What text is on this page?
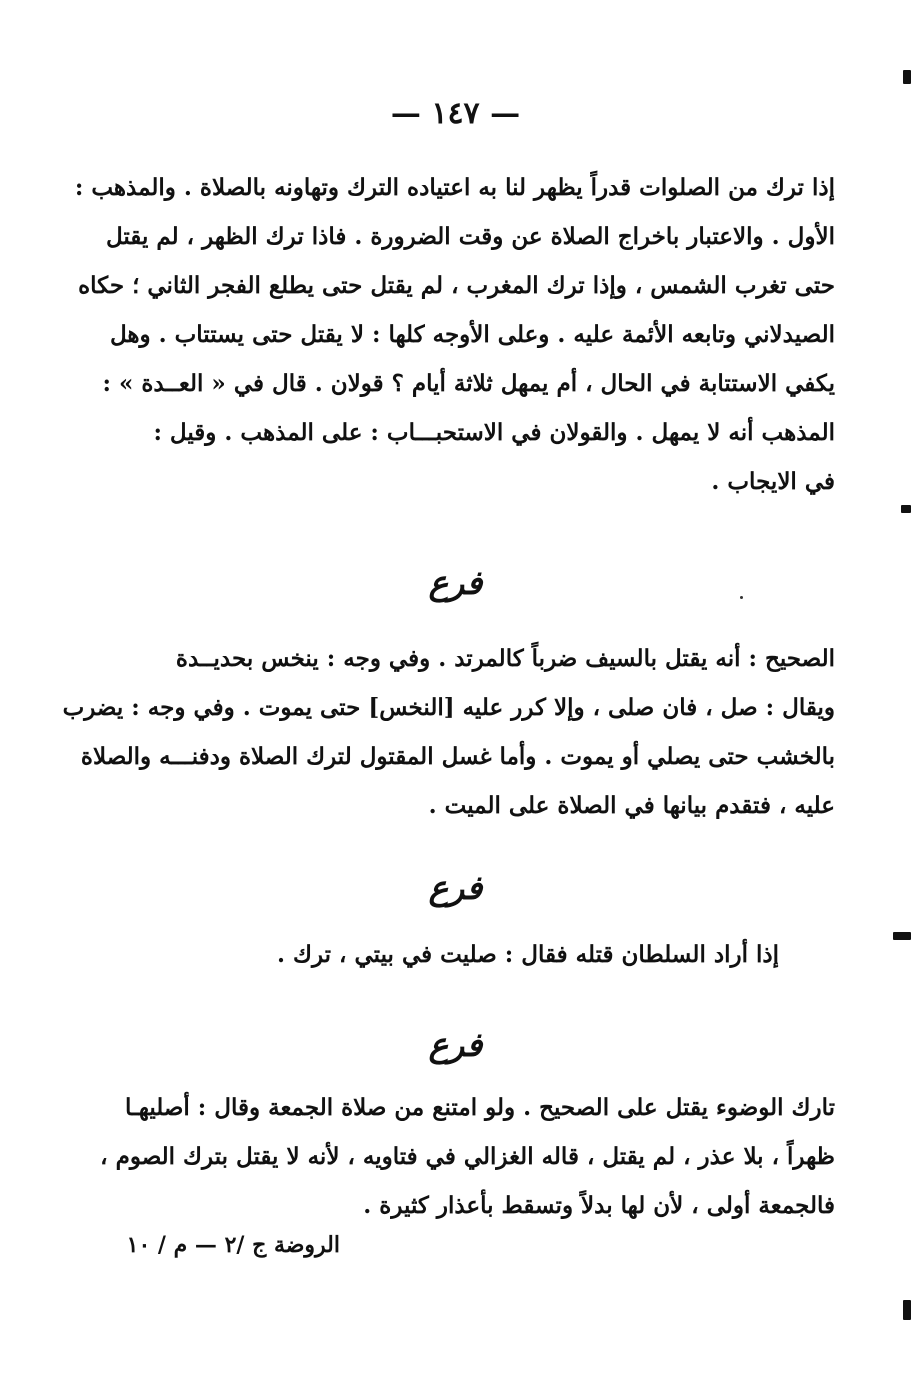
— ١٤٧ —
إذا ترك من الصلوات قدراً يظهر لنا به اعتياده الترك وتهاونه بالصلاة . والمذهب :
الأول . والاعتبار باخراج الصلاة عن وقت الضرورة . فاذا ترك الظهر ، لم يقتل
حتى تغرب الشمس ، وإذا ترك المغرب ، لم يقتل حتى يطلع الفجر الثاني ؛ حكاه
الصيدلاني وتابعه الأئمة عليه . وعلى الأوجه كلها : لا يقتل حتى يستتاب . وهل
يكفي الاستتابة في الحال ، أم يمهل ثلاثة أيام ؟ قولان . قال في « العــدة » :
المذهب أنه لا يمهل . والقولان في الاستحبـــاب : على المذهب . وقيل :
في الايجاب .
فرع
الصحيح : أنه يقتل بالسيف ضرباً كالمرتد . وفي وجه : ينخس بحديــدة
ويقال : صل ، فان صلى ، وإلا كرر عليه [النخس] حتى يموت . وفي وجه : يضرب
بالخشب حتى يصلي أو يموت . وأما غسل المقتول لترك الصلاة ودفنـــه والصلاة
عليه ، فتقدم بيانها في الصلاة على الميت .
فرع
إذا أراد السلطان قتله فقال : صليت في بيتي ، ترك .
فرع
تارك الوضوء يقتل على الصحيح . ولو امتنع من صلاة الجمعة وقال : أصليهـا
ظهراً ، بلا عذر ، لم يقتل ، قاله الغزالي في فتاويه ، لأنه لا يقتل بترك الصوم ،
فالجمعة أولى ، لأن لها بدلاً وتسقط بأعذار كثيرة .
الروضة ج /٢ — م / ١٠
